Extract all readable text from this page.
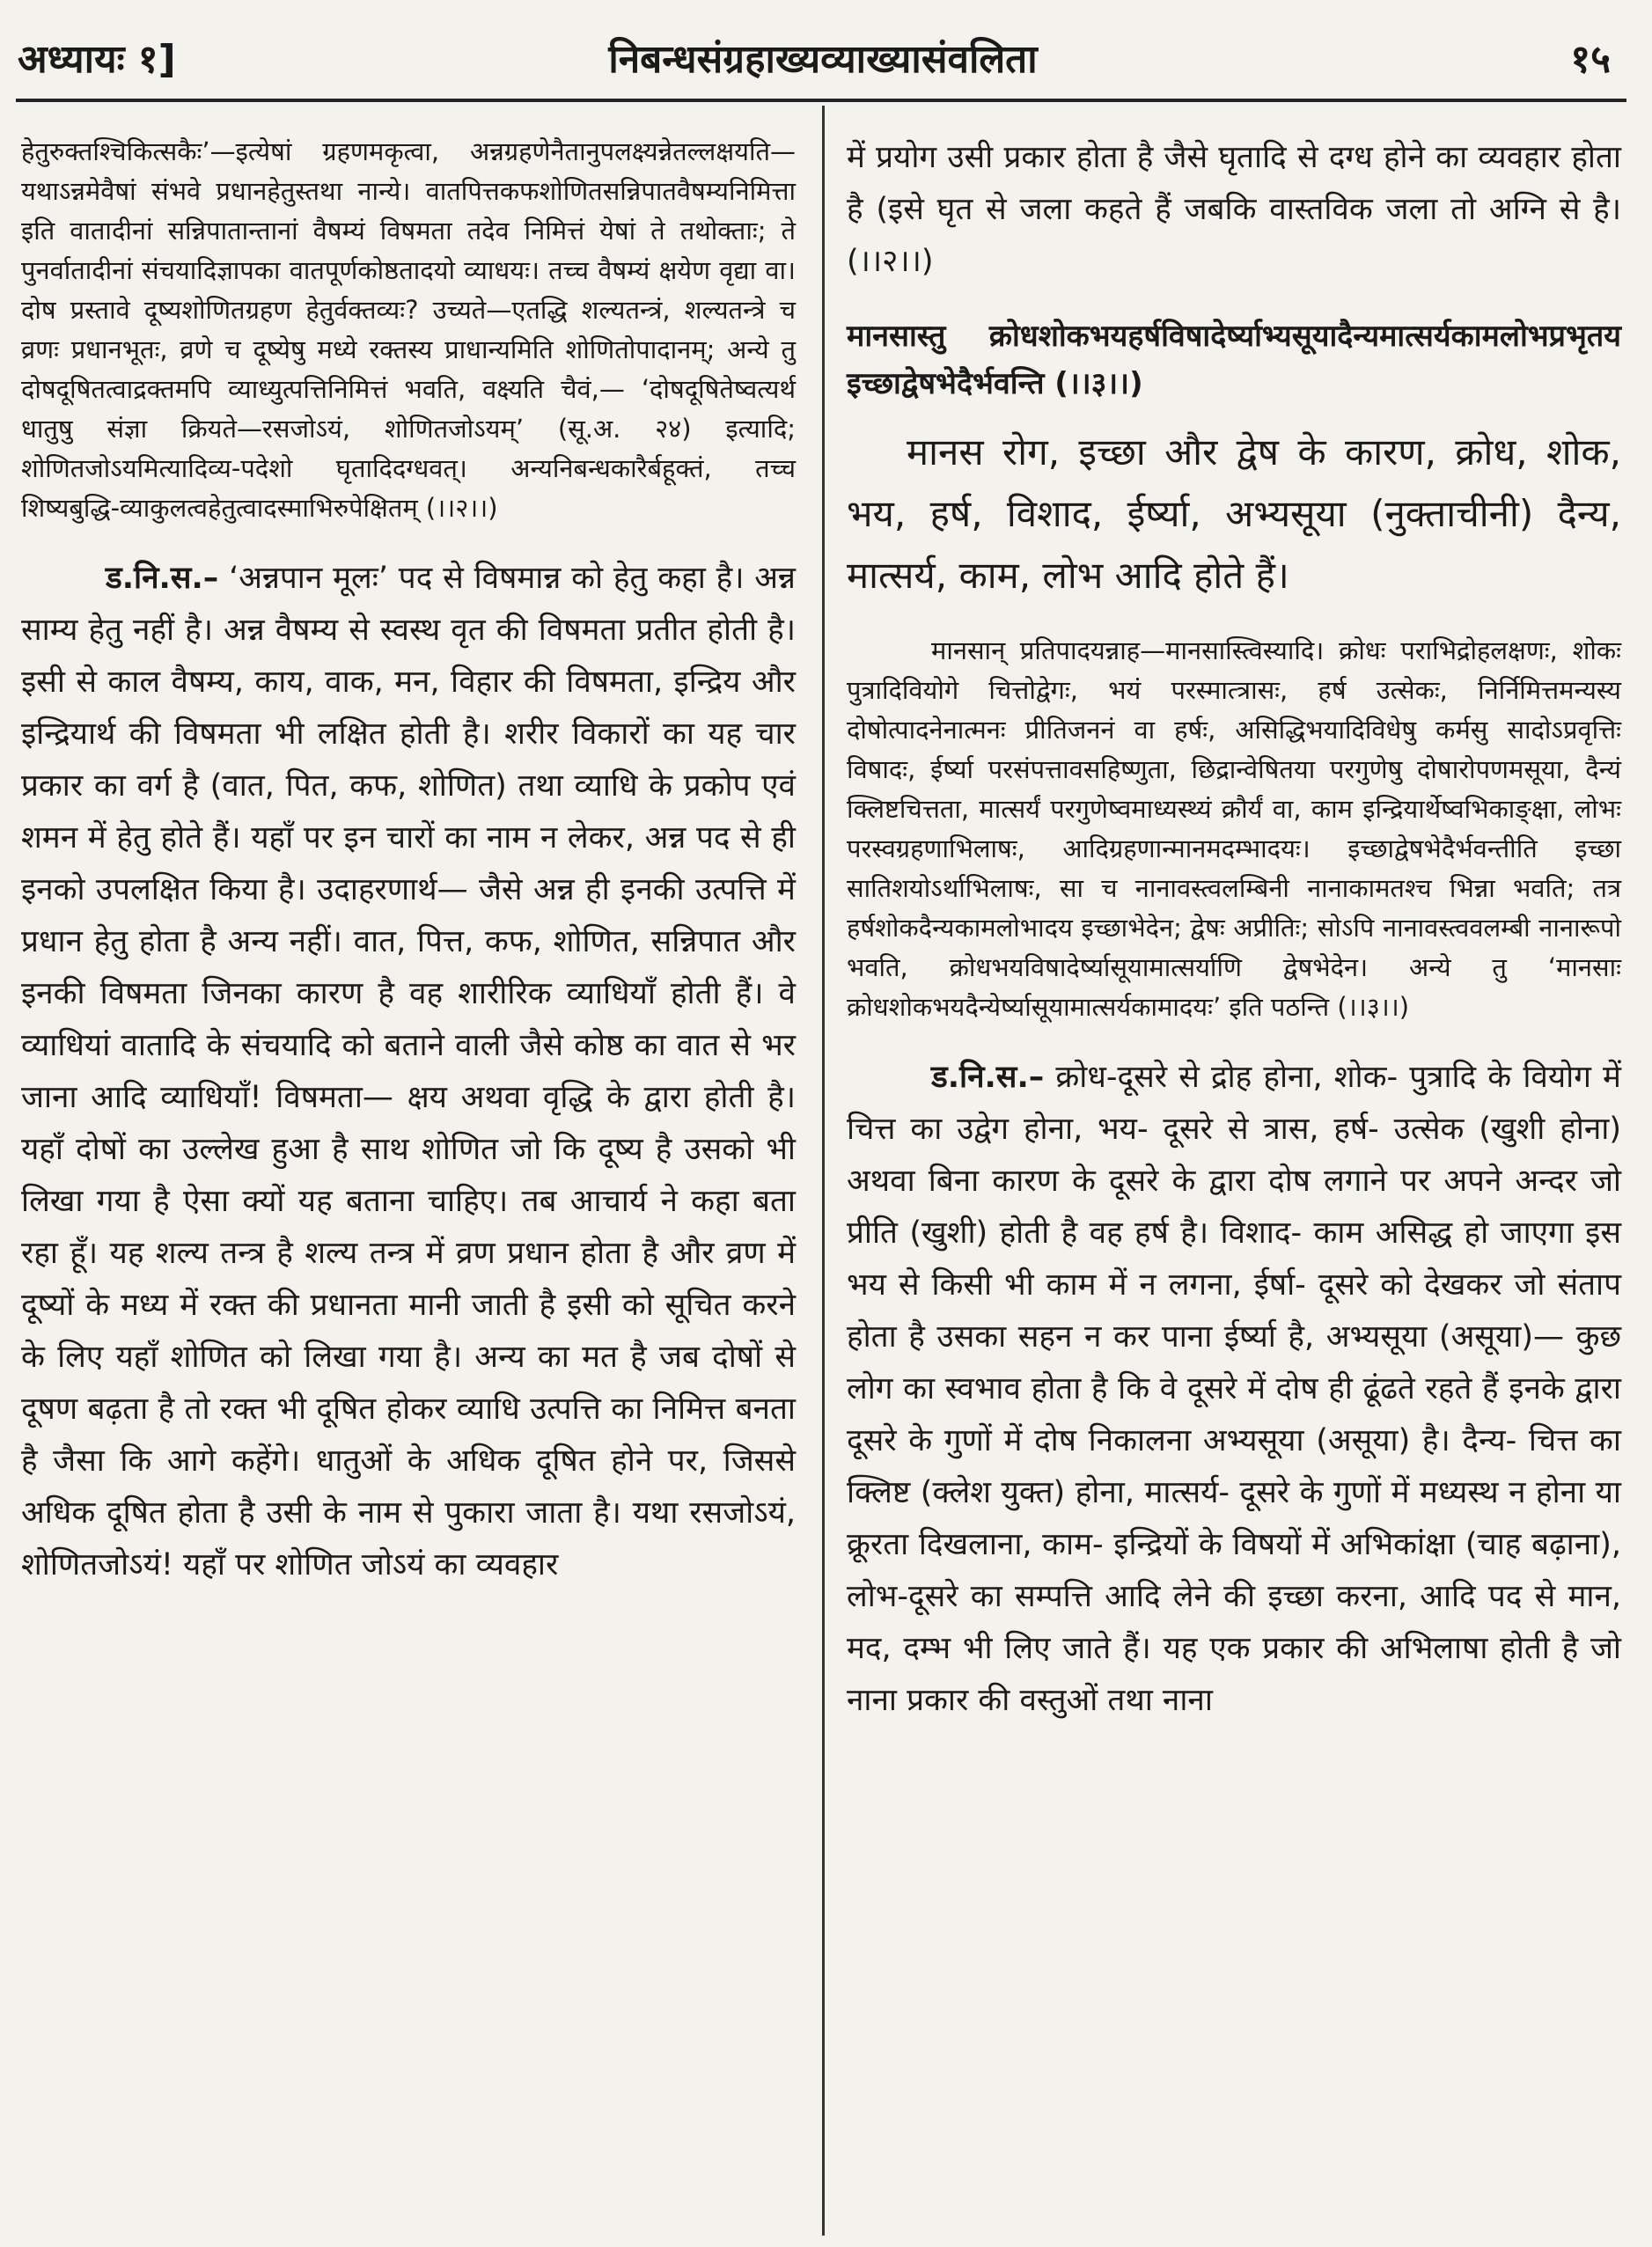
अध्यायः १]	निबन्धसंग्रहाख्यव्याख्यासंवलिता	१५

हेतुरुक्तश्चिकित्सकैः’—इत्येषां ग्रहणमकृत्वा, अन्नग्रहणेनैतानुपलक्ष्यन्नेतल्लक्षयति—यथाऽन्नमेवैषां संभवे प्रधानहेतुस्तथा नान्ये। वातपित्तकफशोणितसन्निपातवैषम्यनिमित्ता इति वातादीनां सन्निपातान्तानां वैषम्यं विषमता तदेव निमित्तं येषां ते तथोक्ताः; ते पुनर्वातादीनां संचयादिज्ञापका वातपूर्णकोष्ठतादयो व्याधयः। तच्च वैषम्यं क्षयेण वृद्या वा। दोष प्रस्तावे दूष्यशोणितग्रहण हेतुर्वक्तव्यः? उच्यते—एतद्धि शल्यतन्त्रं, शल्यतन्त्रे च व्रणः प्रधानभूतः, व्रणे च दूष्येषु मध्ये रक्तस्य प्राधान्यमिति शोणितोपादानम्; अन्ये तु दोषदूषितत्वाद्रक्तमपि व्याध्युत्पत्तिनिमित्तं भवति, वक्ष्यति चैवं,— ‘दोषदूषितेष्वत्यर्थ धातुषु संज्ञा क्रियते—रसजोऽयं, शोणितजोऽयम्’ (सू.अ. २४) इत्यादि; शोणितजोऽयमित्यादिव्य-पदेशो घृतादिदग्धवत्। अन्यनिबन्धकारैर्बहूक्तं, तच्च शिष्यबुद्धि-व्याकुलत्वहेतुत्वादस्माभिरुपेक्षितम् (।।२।।)

ड.नि.स.– ‘अन्नपान मूलः’ पद से विषमान्न को हेतु कहा है। अन्न साम्य हेतु नहीं है। अन्न वैषम्य से स्वस्थ वृत की विषमता प्रतीत होती है। इसी से काल वैषम्य, काय, वाक, मन, विहार की विषमता, इन्द्रिय और इन्द्रियार्थ की विषमता भी लक्षित होती है। शरीर विकारों का यह चार प्रकार का वर्ग है (वात, पित, कफ, शोणित) तथा व्याधि के प्रकोप एवं शमन में हेतु होते हैं। यहाँ पर इन चारों का नाम न लेकर, अन्न पद से ही इनको उपलक्षित किया है। उदाहरणार्थ— जैसे अन्न ही इनकी उत्पत्ति में प्रधान हेतु होता है अन्य नहीं। वात, पित्त, कफ, शोणित, सन्निपात और इनकी विषमता जिनका कारण है वह शारीरिक व्याधियाँ होती हैं। वे व्याधियां वातादि के संचयादि को बताने वाली जैसे कोष्ठ का वात से भर जाना आदि व्याधियाँ! विषमता— क्षय अथवा वृद्धि के द्वारा होती है। यहाँ दोषों का उल्लेख हुआ है साथ शोणित जो कि दूष्य है उसको भी लिखा गया है ऐसा क्यों यह बताना चाहिए। तब आचार्य ने कहा बता रहा हूँ। यह शल्य तन्त्र है शल्य तन्त्र में व्रण प्रधान होता है और व्रण में दूष्यों के मध्य में रक्त की प्रधानता मानी जाती है इसी को सूचित करने के लिए यहाँ शोणित को लिखा गया है। अन्य का मत है जब दोषों से दूषण बढ़ता है तो रक्त भी दूषित होकर व्याधि उत्पत्ति का निमित्त बनता है जैसा कि आगे कहेंगे। धातुओं के अधिक दूषित होने पर, जिससे अधिक दूषित होता है उसी के नाम से पुकारा जाता है। यथा रसजोऽयं, शोणितजोऽयं! यहाँ पर शोणित जोऽयं का व्यवहार

में प्रयोग उसी प्रकार होता है जैसे घृतादि से दग्ध होने का व्यवहार होता है (इसे घृत से जला कहते हैं जबकि वास्तविक जला तो अग्नि से है। (।।२।।)

मानसास्तु क्रोधशोकभयहर्षविषादेर्ष्याभ्यसूयादैन्यमात्सर्यकामलोभप्रभृतय इच्छाद्वेषभेदैर्भवन्ति (।।३।।)

मानस रोग, इच्छा और द्वेष के कारण, क्रोध, शोक, भय, हर्ष, विशाद, ईर्ष्या, अभ्यसूया (नुक्ताचीनी) दैन्य, मात्सर्य, काम, लोभ आदि होते हैं।

मानसान् प्रतिपादयन्नाह—मानसास्त्विस्यादि। क्रोधः पराभिद्रोहलक्षणः, शोकः पुत्रादिवियोगे चित्तोद्वेगः, भयं परस्मात्त्रासः, हर्ष उत्सेकः, निर्निमित्तमन्यस्य दोषोत्पादनेनात्मनः प्रीतिजननं वा हर्षः, असिद्धिभयादिविधेषु कर्मसु सादोऽप्रवृत्तिः विषादः, ईर्ष्या परसंपत्तावसहिष्णुता, छिद्रान्वेषितया परगुणेषु दोषारोपणमसूया, दैन्यं क्लिष्टचित्तता, मात्सर्यं परगुणेष्वमाध्यस्थ्यं क्रौर्यं वा, काम इन्द्रियार्थेष्वभिकाङ्क्षा, लोभः परस्वग्रहणाभिलाषः, आदिग्रहणान्मानमदम्भादयः। इच्छाद्वेषभेदैर्भवन्तीति इच्छा सातिशयोऽर्थाभिलाषः, सा च नानावस्त्वलम्बिनी नानाकामतश्च भिन्ना भवति; तत्र हर्षशोकदैन्यकामलोभादय इच्छाभेदेन; द्वेषः अप्रीतिः; सोऽपि नानावस्त्ववलम्बी नानारूपो भवति, क्रोधभयविषादेर्ष्यासूयामात्सर्याणि द्वेषभेदेन। अन्ये तु ‘मानसाः क्रोधशोकभयदैन्येर्ष्यासूयामात्सर्यकामादयः’ इति पठन्ति (।।३।।)

ड.नि.स.– क्रोध-दूसरे से द्रोह होना, शोक- पुत्रादि के वियोग में चित्त का उद्वेग होना, भय- दूसरे से त्रास, हर्ष- उत्सेक (खुशी होना) अथवा बिना कारण के दूसरे के द्वारा दोष लगाने पर अपने अन्दर जो प्रीति (खुशी) होती है वह हर्ष है। विशाद- काम असिद्ध हो जाएगा इस भय से किसी भी काम में न लगना, ईर्षा- दूसरे को देखकर जो संताप होता है उसका सहन न कर पाना ईर्ष्या है, अभ्यसूया (असूया)— कुछ लोग का स्वभाव होता है कि वे दूसरे में दोष ही ढूंढते रहते हैं इनके द्वारा दूसरे के गुणों में दोष निकालना अभ्यसूया (असूया) है। दैन्य- चित्त का क्लिष्ट (क्लेश युक्त) होना, मात्सर्य- दूसरे के गुणों में मध्यस्थ न होना या क्रूरता दिखलाना, काम- इन्द्रियों के विषयों में अभिकांक्षा (चाह बढ़ाना), लोभ-दूसरे का सम्पत्ति आदि लेने की इच्छा करना, आदि पद से मान, मद, दम्भ भी लिए जाते हैं। यह एक प्रकार की अभिलाषा होती है जो नाना प्रकार की वस्तुओं तथा नाना
